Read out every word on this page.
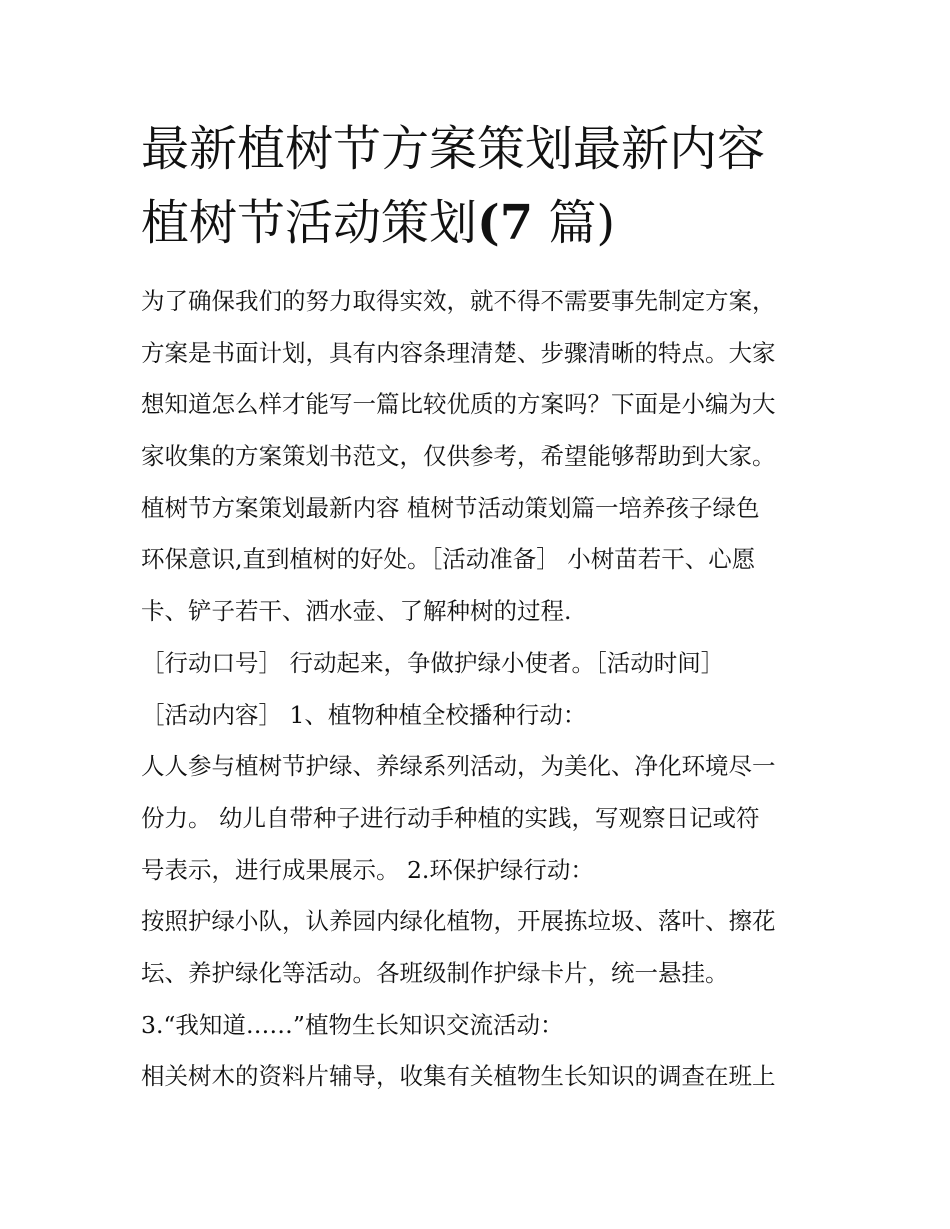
最新植树节方案策划最新内容
植树节活动策划(7 篇)
为了确保我们的努力取得实效，就不得不需要事先制定方案，
方案是书面计划，具有内容条理清楚、步骤清晰的特点。大家
想知道怎么样才能写一篇比较优质的方案吗？下面是小编为大
家收集的方案策划书范文，仅供参考，希望能够帮助到大家。
植树节方案策划最新内容 植树节活动策划篇一培养孩子绿色
环保意识,直到植树的好处。［活动准备］ 小树苗若干、心愿
卡、铲子若干、洒水壶、了解种树的过程.
［行动口号］ 行动起来，争做护绿小使者。［活动时间］
［活动内容］ 1、植物种植全校播种行动：
人人参与植树节护绿、养绿系列活动，为美化、净化环境尽一
份力。 幼儿自带种子进行动手种植的实践，写观察日记或符
号表示，进行成果展示。 2.环保护绿行动：
按照护绿小队，认养园内绿化植物，开展拣垃圾、落叶、擦花
坛、养护绿化等活动。各班级制作护绿卡片，统一悬挂。
3.“我知道……”植物生长知识交流活动：
相关树木的资料片辅导，收集有关植物生长知识的调查在班上
